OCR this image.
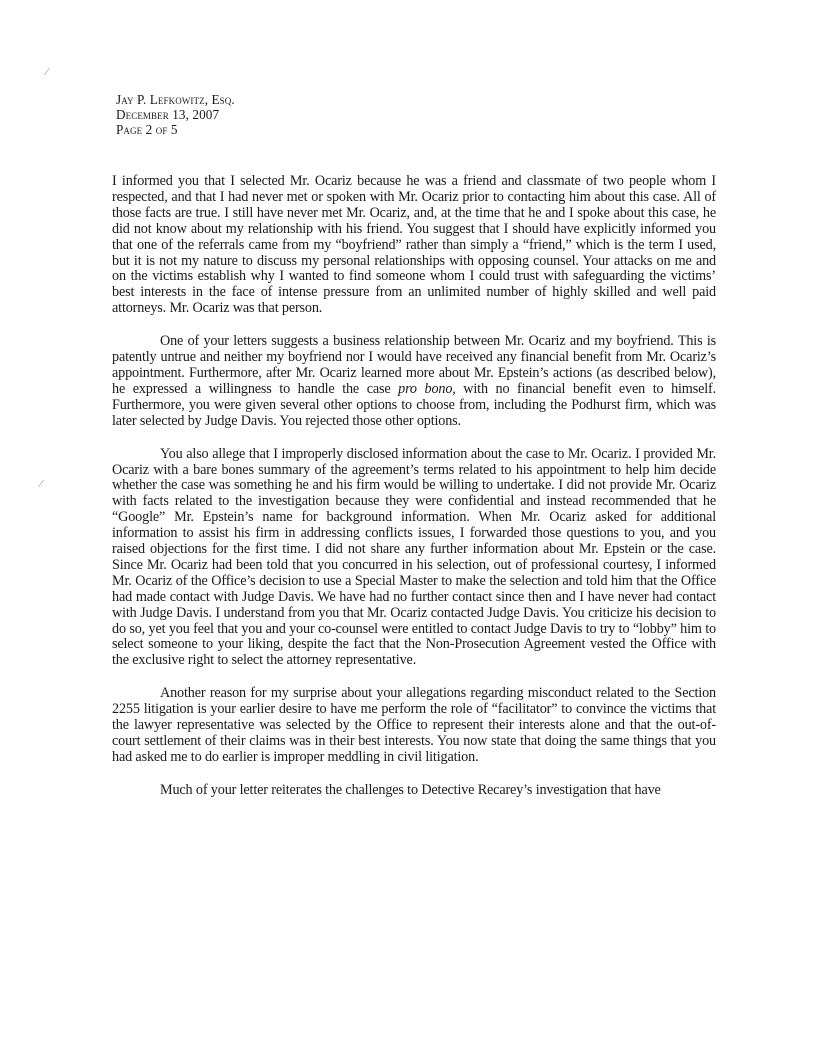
⁄
⁄
Jay P. Lefkowitz, Esq.
December 13, 2007
Page 2 of 5

I informed you that I selected Mr. Ocariz because he was a friend and classmate of two people whom I respected, and that I had never met or spoken with Mr. Ocariz prior to contacting him about this case. All of those facts are true. I still have never met Mr. Ocariz, and, at the time that he and I spoke about this case, he did not know about my relationship with his friend. You suggest that I should have explicitly informed you that one of the referrals came from my “boyfriend” rather than simply a “friend,” which is the term I used, but it is not my nature to discuss my personal relationships with opposing counsel. Your attacks on me and on the victims establish why I wanted to find someone whom I could trust with safeguarding the victims’ best interests in the face of intense pressure from an unlimited number of highly skilled and well paid attorneys. Mr. Ocariz was that person.

One of your letters suggests a business relationship between Mr. Ocariz and my boyfriend. This is patently untrue and neither my boyfriend nor I would have received any financial benefit from Mr. Ocariz’s appointment. Furthermore, after Mr. Ocariz learned more about Mr. Epstein’s actions (as described below), he expressed a willingness to handle the case pro bono, with no financial benefit even to himself. Furthermore, you were given several other options to choose from, including the Podhurst firm, which was later selected by Judge Davis. You rejected those other options.

You also allege that I improperly disclosed information about the case to Mr. Ocariz. I provided Mr. Ocariz with a bare bones summary of the agreement’s terms related to his appointment to help him decide whether the case was something he and his firm would be willing to undertake. I did not provide Mr. Ocariz with facts related to the investigation because they were confidential and instead recommended that he “Google” Mr. Epstein’s name for background information. When Mr. Ocariz asked for additional information to assist his firm in addressing conflicts issues, I forwarded those questions to you, and you raised objections for the first time. I did not share any further information about Mr. Epstein or the case. Since Mr. Ocariz had been told that you concurred in his selection, out of professional courtesy, I informed Mr. Ocariz of the Office’s decision to use a Special Master to make the selection and told him that the Office had made contact with Judge Davis. We have had no further contact since then and I have never had contact with Judge Davis. I understand from you that Mr. Ocariz contacted Judge Davis. You criticize his decision to do so, yet you feel that you and your co-counsel were entitled to contact Judge Davis to try to “lobby” him to select someone to your liking, despite the fact that the Non-Prosecution Agreement vested the Office with the exclusive right to select the attorney representative.

Another reason for my surprise about your allegations regarding misconduct related to the Section 2255 litigation is your earlier desire to have me perform the role of “facilitator” to convince the victims that the lawyer representative was selected by the Office to represent their interests alone and that the out-of-court settlement of their claims was in their best interests. You now state that doing the same things that you had asked me to do earlier is improper meddling in civil litigation.

Much of your letter reiterates the challenges to Detective Recarey’s investigation that have
